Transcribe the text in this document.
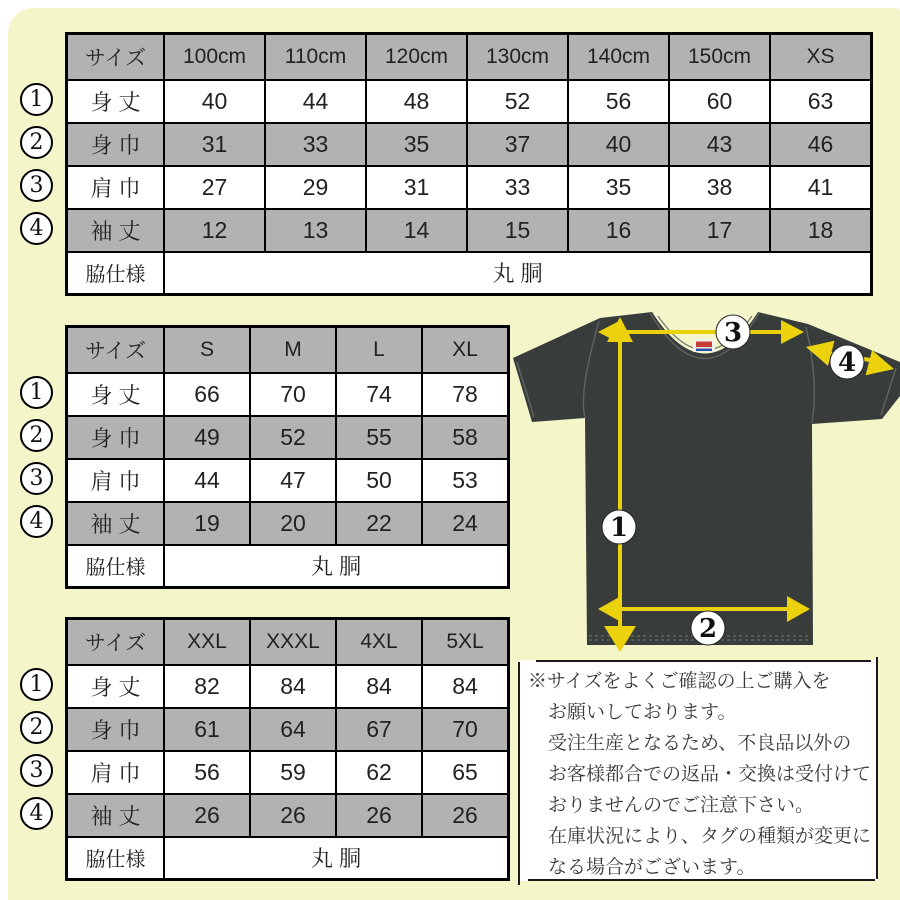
1
2
3
4
サイズ	100cm	110cm	120cm	130cm	140cm	150cm	XS
身 丈	40	44	48	52	56	60	63
身 巾	31	33	35	37	40	43	46
肩 巾	27	29	31	33	35	38	41
袖 丈	12	13	14	15	16	17	18
脇仕様	丸 胴						
1
2
3
4
サイズ	S	M	L	XL
身 丈	66	70	74	78
身 巾	49	52	55	58
肩 巾	44	47	50	53
袖 丈	19	20	22	24
脇仕様	丸 胴			
1
2
3
4
サイズ	XXL	XXXL	4XL	5XL
身 丈	82	84	84	84
身 巾	61	64	67	70
肩 巾	56	59	62	65
袖 丈	26	26	26	26
脇仕様	丸 胴			
3
4
1
2
※サイズをよくご確認の上ご購入を
お願いしております。
受注生産となるため、不良品以外の
お客様都合での返品・交換は受付けて
おりませんのでご注意下さい。
在庫状況により、タグの種類が変更に
なる場合がございます。
